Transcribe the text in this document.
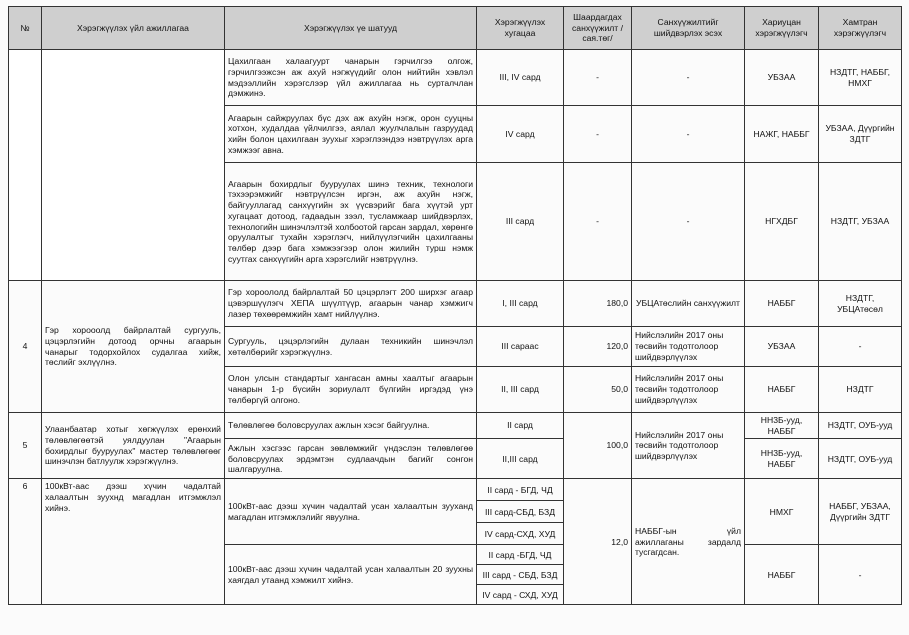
№	Хэрэгжүүлэх үйл ажиллагаа	Хэрэгжүүлэх үе шатууд	Хэрэгжүүлэх хугацаа	Шаардагдах санхүүжилт /сая.төг/	Санхүүжилтийг шийдвэрлэх эсэх	Хариуцан хэрэгжүүлэгч	Хамтран хэрэгжүүлэгч
		Цахилгаан халаагуурт чанарын гэрчилгээ олгож, гэрчилгээжсэн аж ахуй нэгжүүдийг олон нийтийн хэвлэл мэдээллийн хэрэгслээр үйл ажиллагаа нь сурталчлан дэмжинэ.	III, IV сард	-	-	УБЗАА	НЗДТГ, НАББГ, НМХГ
		Агаарын сайжруулах бүс дэх аж ахуйн нэгж, орон сууцны хотхон, худалдаа үйлчилгээ, аялал жуулчлалын газруудад хийн болон цахилгаан зуухыг хэрэглээндээ нэвтрүүлэх арга хэмжээг авна.	IV сард	-	-	НАЖГ, НАББГ	УБЗАА, Дүүргийн ЗДТГ
		Агаарын бохирдлыг бууруулах шинэ техник, технологи тэхээрэмжийг нэвтрүүлсэн иргэн, аж ахуйн нэгж, байгууллагад санхүүгийн эх үүсвэрийг бага хүүтэй урт хугацаат дотоод, гадаадын зээл, тусламжаар шийдвэрлэх, технологийн шинэчлэлтэй холбоотой гарсан зардал, хөрөнгө оруулалтыг тухайн хэрэглэгч, нийлүүлэгчийн цахилгааны төлбөр дээр бага хэмжээгээр олон жилийн турш нэмж суутгах санхүүгийн арга хэрэгслийг нэвтрүүлнэ.	III сард	-	-	НГХДБГ	НЗДТГ, УБЗАА
4	Гэр хорооолд байрлалтай сургууль, цэцэрлэгийн дотоод орчны агаарын чанарыг тодорхойлох судалгаа хийж, төслийг эхлүүлнэ.	Гэр хороололд байрлалтай 50 цэцэрлэгт 200 ширхэг агаар цэвэршүүлэгч ХЕПА шүүлтүүр, агаарын чанар хэмжигч лазер төхөөрөмжийн хамт нийлүүлнэ.	I, III сард	180,0	УБЦАтөслийн санхүүжилт	НАББГ	НЗДТГ, УБЦАтөсөл
		Сургууль, цэцэрлэгийн дулаан техникийн шинэчлэл хөтөлбөрийг хэрэгжүүлнэ.	III сараас	120,0	Нийслэлийн 2017 оны төсвийн тодотголоор шийдвэрлүүлэх	УБЗАА	-
		Олон улсын стандартыг хангасан амны хаалтыг агаарын чанарын 1-р бүсийн зориулалт бүлгийн иргэдэд үнэ төлбөргүй олгоно.	II, III сард	50,0	Нийслэлийн 2017 оны төсвийн тодотголоор шийдвэрлүүлэх	НАББГ	НЗДТГ
5	Улаанбаатар хотыг хөгжүүлэх ерөнхий төлөвлөгөөтэй уялдуулан "Агаарын бохирдлыг бууруулах" мастер төлөвлөгөөг шинэчлэн батлуулж хэрэгжүүлнэ.	Төлөвлөгөө боловсруулах ажлын хэсэг байгуулна.	II сард	100,0	Нийслэлийн 2017 оны төсвийн тодотголоор шийдвэрлүүлэх	НН3Б-ууд, НАББГ	НЗДТГ, ОУБ-ууд
		Ажлын хэсгээс гарсан зөвлөмжийг үндэслэн төлөвлөгөө боловсруулах эрдэмтэн судлаачдын багийг сонгон шалгаруулна.	II,III сард			НН3Б-ууд, НАББГ	НЗДТГ, ОУБ-ууд
6	100кВт-аас дээш хүчин чадалтай халаалтын зуухнд магадлан итгэмжлэл хийнэ.	100кВт-аас дээш хүчин чадалтай усан халаалтын зууханд магадлан итгэмжлэлийг явуулна.	II сард - БГД, ЧД	12,0	НАББГ-ын үйл ажиллаганы зардалд тусгагдсан.	НМХГ	НАББГ, УБЗАА, Дүүргийн ЗДТГ
			III сард-СБД, БЗД				
			IV сард-СХД, ХУД				
		100кВт-аас дээш хүчин чадалтай усан халаалтын 20 зуухны хаягдал утаанд хэмжилт хийнэ.	II сард -БГД, ЧД			НАББГ	-
			III сард - СБД, БЗД				
			IV сард - СХД, ХУД				
